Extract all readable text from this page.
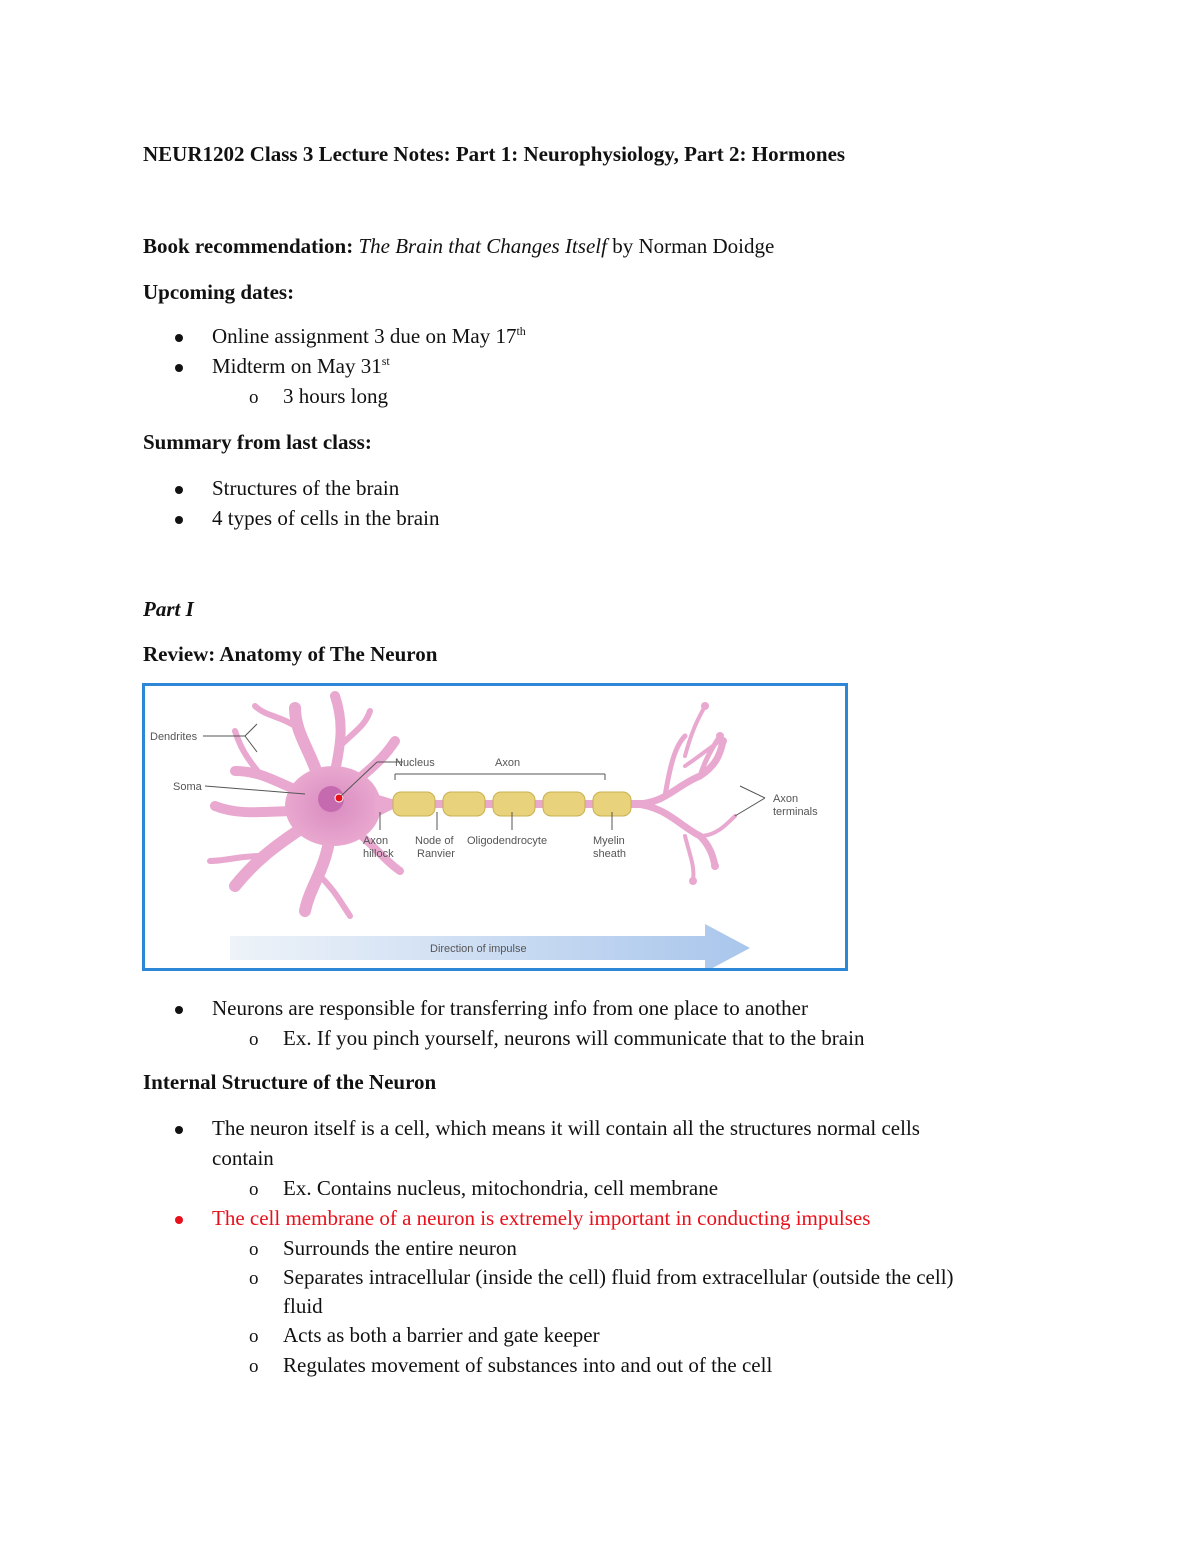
NEUR1202 Class 3 Lecture Notes: Part 1: Neurophysiology, Part 2: Hormones
Book recommendation: The Brain that Changes Itself by Norman Doidge
Upcoming dates:
Online assignment 3 due on May 17th
Midterm on May 31st
o 3 hours long
Summary from last class:
Structures of the brain
4 types of cells in the brain
Part I
Review: Anatomy of The Neuron
Dendrites
Soma
Nucleus	Axon
Axon
hillock
Node of
Ranvier
Oligodendrocyte	Myelin
sheath
Axon
terminals
Direction of impulse
Neurons are responsible for transferring info from one place to another
o Ex. If you pinch yourself, neurons will communicate that to the brain
Internal Structure of the Neuron
The neuron itself is a cell, which means it will contain all the structures normal cells
contain
o Ex. Contains nucleus, mitochondria, cell membrane
The cell membrane of a neuron is extremely important in conducting impulses
o Surrounds the entire neuron
o Separates intracellular (inside the cell) fluid from extracellular (outside the cell)
fluid
o Acts as both a barrier and gate keeper
o Regulates movement of substances into and out of the cell
